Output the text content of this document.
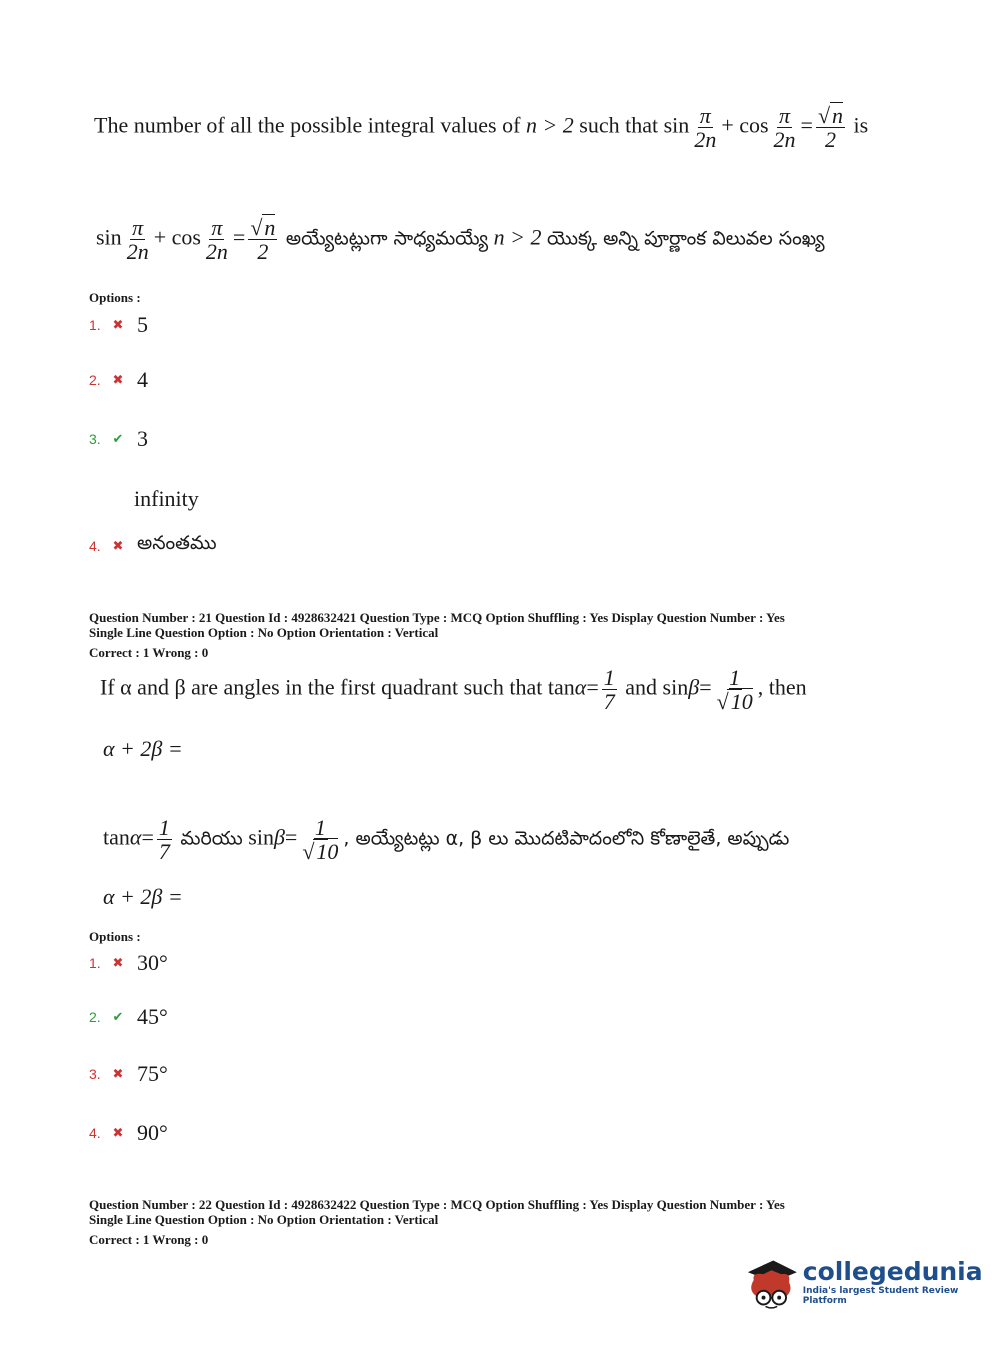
The number of all the possible integral values of n > 2 such that $\sin \frac{\pi}{2n} + \cos \frac{\pi}{2n} = \frac{√n}{2}$ is
$\sin \frac{\pi}{2n} + \cos \frac{\pi}{2n} = \frac{√n}{2}$ అయ్యేటట్లుగా సాధ్యమయ్యే n > 2 యొక్క అన్ని పూర్ణాంక విలువల సంఖ్య
Options :
1. ✖ 5
2. ✖ 4
3. ✔ 3
infinity
4. ✖ అనంతము
Question Number : 21 Question Id : 4928632421 Question Type : MCQ Option Shuffling : Yes Display Question Number : Yes
Single Line Question Option : No Option Orientation : Vertical
Correct : 1 Wrong : 0
If α and β are angles in the first quadrant such that $\tan\alpha= \frac{1}{7}$ and $\sin\beta= \frac{1}{√10}$ , then
α + 2β =
$\tan\alpha= \frac{1}{7}$ మరియు $\sin\beta= \frac{1}{√10}$ , అయ్యేటట్లు α, β లు మొదటిపాదంలోని కోణాలైతే, అప్పుడు
α + 2β =
Options :
1. ✖ 30°
2. ✔ 45°
3. ✖ 75°
4. ✖ 90°
Question Number : 22 Question Id : 4928632422 Question Type : MCQ Option Shuffling : Yes Display Question Number : Yes
Single Line Question Option : No Option Orientation : Vertical
Correct : 1 Wrong : 0
collegedunia
India's largest Student Review Platform
